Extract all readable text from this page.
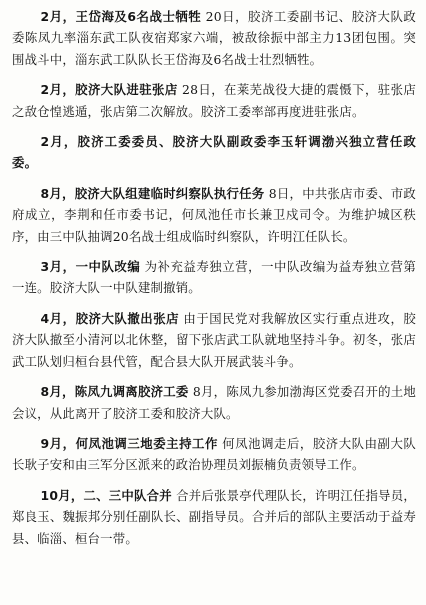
2月，王岱海及6名战士牺牲 20日，胶济工委副书记、胶济大队政委陈凤九率淄东武工队夜宿郑家六端，被敌徐振中部主力13团包围。突围战斗中，淄东武工队队长王岱海及6名战士壮烈牺牲。

2月，胶济大队进驻张店 28日，在莱芜战役大捷的震慑下，驻张店之敌仓惶逃遁，张店第二次解放。胶济工委率部再度进驻张店。

2月，胶济工委委员、胶济大队副政委李玉轩调渤兴独立营任政委。

8月，胶济大队组建临时纠察队执行任务 8日，中共张店市委、市政府成立，李荆和任市委书记，何凤池任市长兼卫戍司令。为维护城区秩序，由三中队抽调20名战士组成临时纠察队，许明江任队长。

3月，一中队改编 为补充益寿独立营，一中队改编为益寿独立营第一连。胶济大队一中队建制撤销。

4月，胶济大队撤出张店 由于国民党对我解放区实行重点进攻，胶济大队撤至小清河以北休整，留下张店武工队就地坚持斗争。初冬，张店武工队划归桓台县代管，配合县大队开展武装斗争。

8月，陈凤九调离胶济工委 8月，陈凤九参加渤海区党委召开的土地会议，从此离开了胶济工委和胶济大队。

9月，何凤池调三地委主持工作 何凤池调走后，胶济大队由副大队长耿子安和由三军分区派来的政治协理员刘振楠负责领导工作。

10月，二、三中队合并 合并后张景亭代理队长，许明江任指导员，郑良玉、魏振邦分别任副队长、副指导员。合并后的部队主要活动于益寿县、临淄、桓台一带。
